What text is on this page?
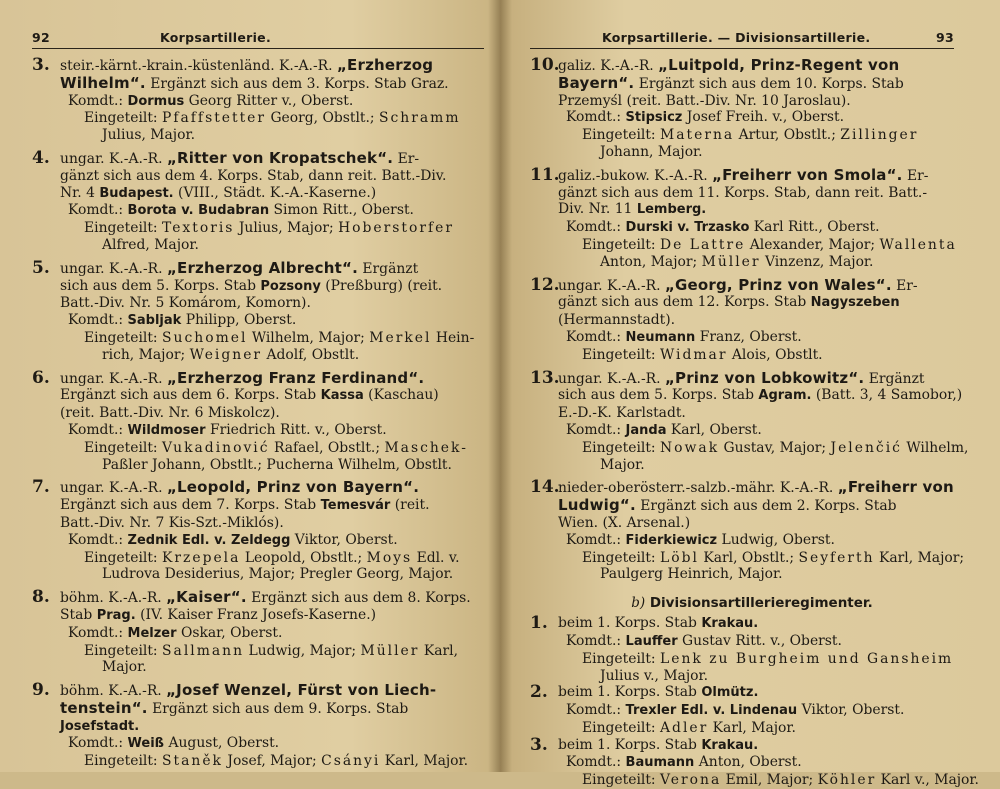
92	Korpsartillerie.
3. steir.-kärnt.-krain.-küstenländ. K.-A.-R. „Erzherzog
Wilhelm“. Ergänzt sich aus dem 3. Korps. Stab Graz.
Komdt.: Dormus Georg Ritter v., Oberst.
Eingeteilt: Pfaffstetter Georg, Obstlt.; Schramm
Julius, Major.
4. ungar. K.-A.-R. „Ritter von Kropatschek“. Er-
gänzt sich aus dem 4. Korps. Stab, dann reit. Batt.-Div.
Nr. 4 Budapest. (VIII., Städt. K.-A.-Kaserne.)
Komdt.: Borota v. Budabran Simon Ritt., Oberst.
Eingeteilt: Textoris Julius, Major; Hoberstorfer
Alfred, Major.
5. ungar. K.-A.-R. „Erzherzog Albrecht“. Ergänzt
sich aus dem 5. Korps. Stab Pozsony (Preßburg) (reit.
Batt.-Div. Nr. 5 Komárom, Komorn).
Komdt.: Sabljak Philipp, Oberst.
Eingeteilt: Suchomel Wilhelm, Major; Merkel Hein-
rich, Major; Weigner Adolf, Obstlt.
6. ungar. K.-A.-R. „Erzherzog Franz Ferdinand“.
Ergänzt sich aus dem 6. Korps. Stab Kassa (Kaschau)
(reit. Batt.-Div. Nr. 6 Miskolcz).
Komdt.: Wildmoser Friedrich Ritt. v., Oberst.
Eingeteilt: Vukadinović Rafael, Obstlt.; Maschek-
Paßler Johann, Obstlt.; Pucherna Wilhelm, Obstlt.
7. ungar. K.-A.-R. „Leopold, Prinz von Bayern“.
Ergänzt sich aus dem 7. Korps. Stab Temesvár (reit.
Batt.-Div. Nr. 7 Kis-Szt.-Miklós).
Komdt.: Zednik Edl. v. Zeldegg Viktor, Oberst.
Eingeteilt: Krzepela Leopold, Obstlt.; Moys Edl. v.
Ludrova Desiderius, Major; Pregler Georg, Major.
8. böhm. K.-A.-R. „Kaiser“. Ergänzt sich aus dem 8. Korps.
Stab Prag. (IV. Kaiser Franz Josefs-Kaserne.)
Komdt.: Melzer Oskar, Oberst.
Eingeteilt: Sallmann Ludwig, Major; Müller Karl,
Major.
9. böhm. K.-A.-R. „Josef Wenzel, Fürst von Liech-
tenstein“. Ergänzt sich aus dem 9. Korps. Stab
Josefstadt.
Komdt.: Weiß August, Oberst.
Eingeteilt: Staněk Josef, Major; Csányi Karl, Major.
Korpsartillerie. — Divisionsartillerie.	93
10.
galiz. K.-A.-R. „Luitpold, Prinz-Regent von
Bayern“. Ergänzt sich aus dem 10. Korps. Stab
Przemyśl (reit. Batt.-Div. Nr. 10 Jaroslau).
Komdt.: Stipsicz Josef Freih. v., Oberst.
Eingeteilt: Materna Artur, Obstlt.; Zillinger
Johann, Major.
11.
galiz.-bukow. K.-A.-R. „Freiherr von Smola“. Er-
gänzt sich aus dem 11. Korps. Stab, dann reit. Batt.-
Div. Nr. 11 Lemberg.
Komdt.: Durski v. Trzasko Karl Ritt., Oberst.
Eingeteilt: De Lattre Alexander, Major; Wallenta
Anton, Major; Müller Vinzenz, Major.
12.
ungar. K.-A.-R. „Georg, Prinz von Wales“. Er-
gänzt sich aus dem 12. Korps. Stab Nagyszeben
(Hermannstadt).
Komdt.: Neumann Franz, Oberst.
Eingeteilt: Widmar Alois, Obstlt.
13.
ungar. K.-A.-R. „Prinz von Lobkowitz“. Ergänzt
sich aus dem 5. Korps. Stab Agram. (Batt. 3, 4 Samobor,)
E.-D.-K. Karlstadt.
Komdt.: Janda Karl, Oberst.
Eingeteilt: Nowak Gustav, Major; Jelenčić Wilhelm,
Major.
14.
nieder-oberösterr.-salzb.-mähr. K.-A.-R. „Freiherr von
Ludwig“. Ergänzt sich aus dem 2. Korps. Stab
Wien. (X. Arsenal.)
Komdt.: Fiderkiewicz Ludwig, Oberst.
Eingeteilt: Löbl Karl, Obstlt.; Seyferth Karl, Major;
Paulgerg Heinrich, Major.
b) Divisionsartillerieregimenter.
1. beim 1. Korps. Stab Krakau.
Komdt.: Lauffer Gustav Ritt. v., Oberst.
Eingeteilt: Lenk zu Burgheim und Gansheim
Julius v., Major.
2. beim 1. Korps. Stab Olmütz.
Komdt.: Trexler Edl. v. Lindenau Viktor, Oberst.
Eingeteilt: Adler Karl, Major.
3. beim 1. Korps. Stab Krakau.
Komdt.: Baumann Anton, Oberst.
Eingeteilt: Verona Emil, Major; Köhler Karl v., Major.
